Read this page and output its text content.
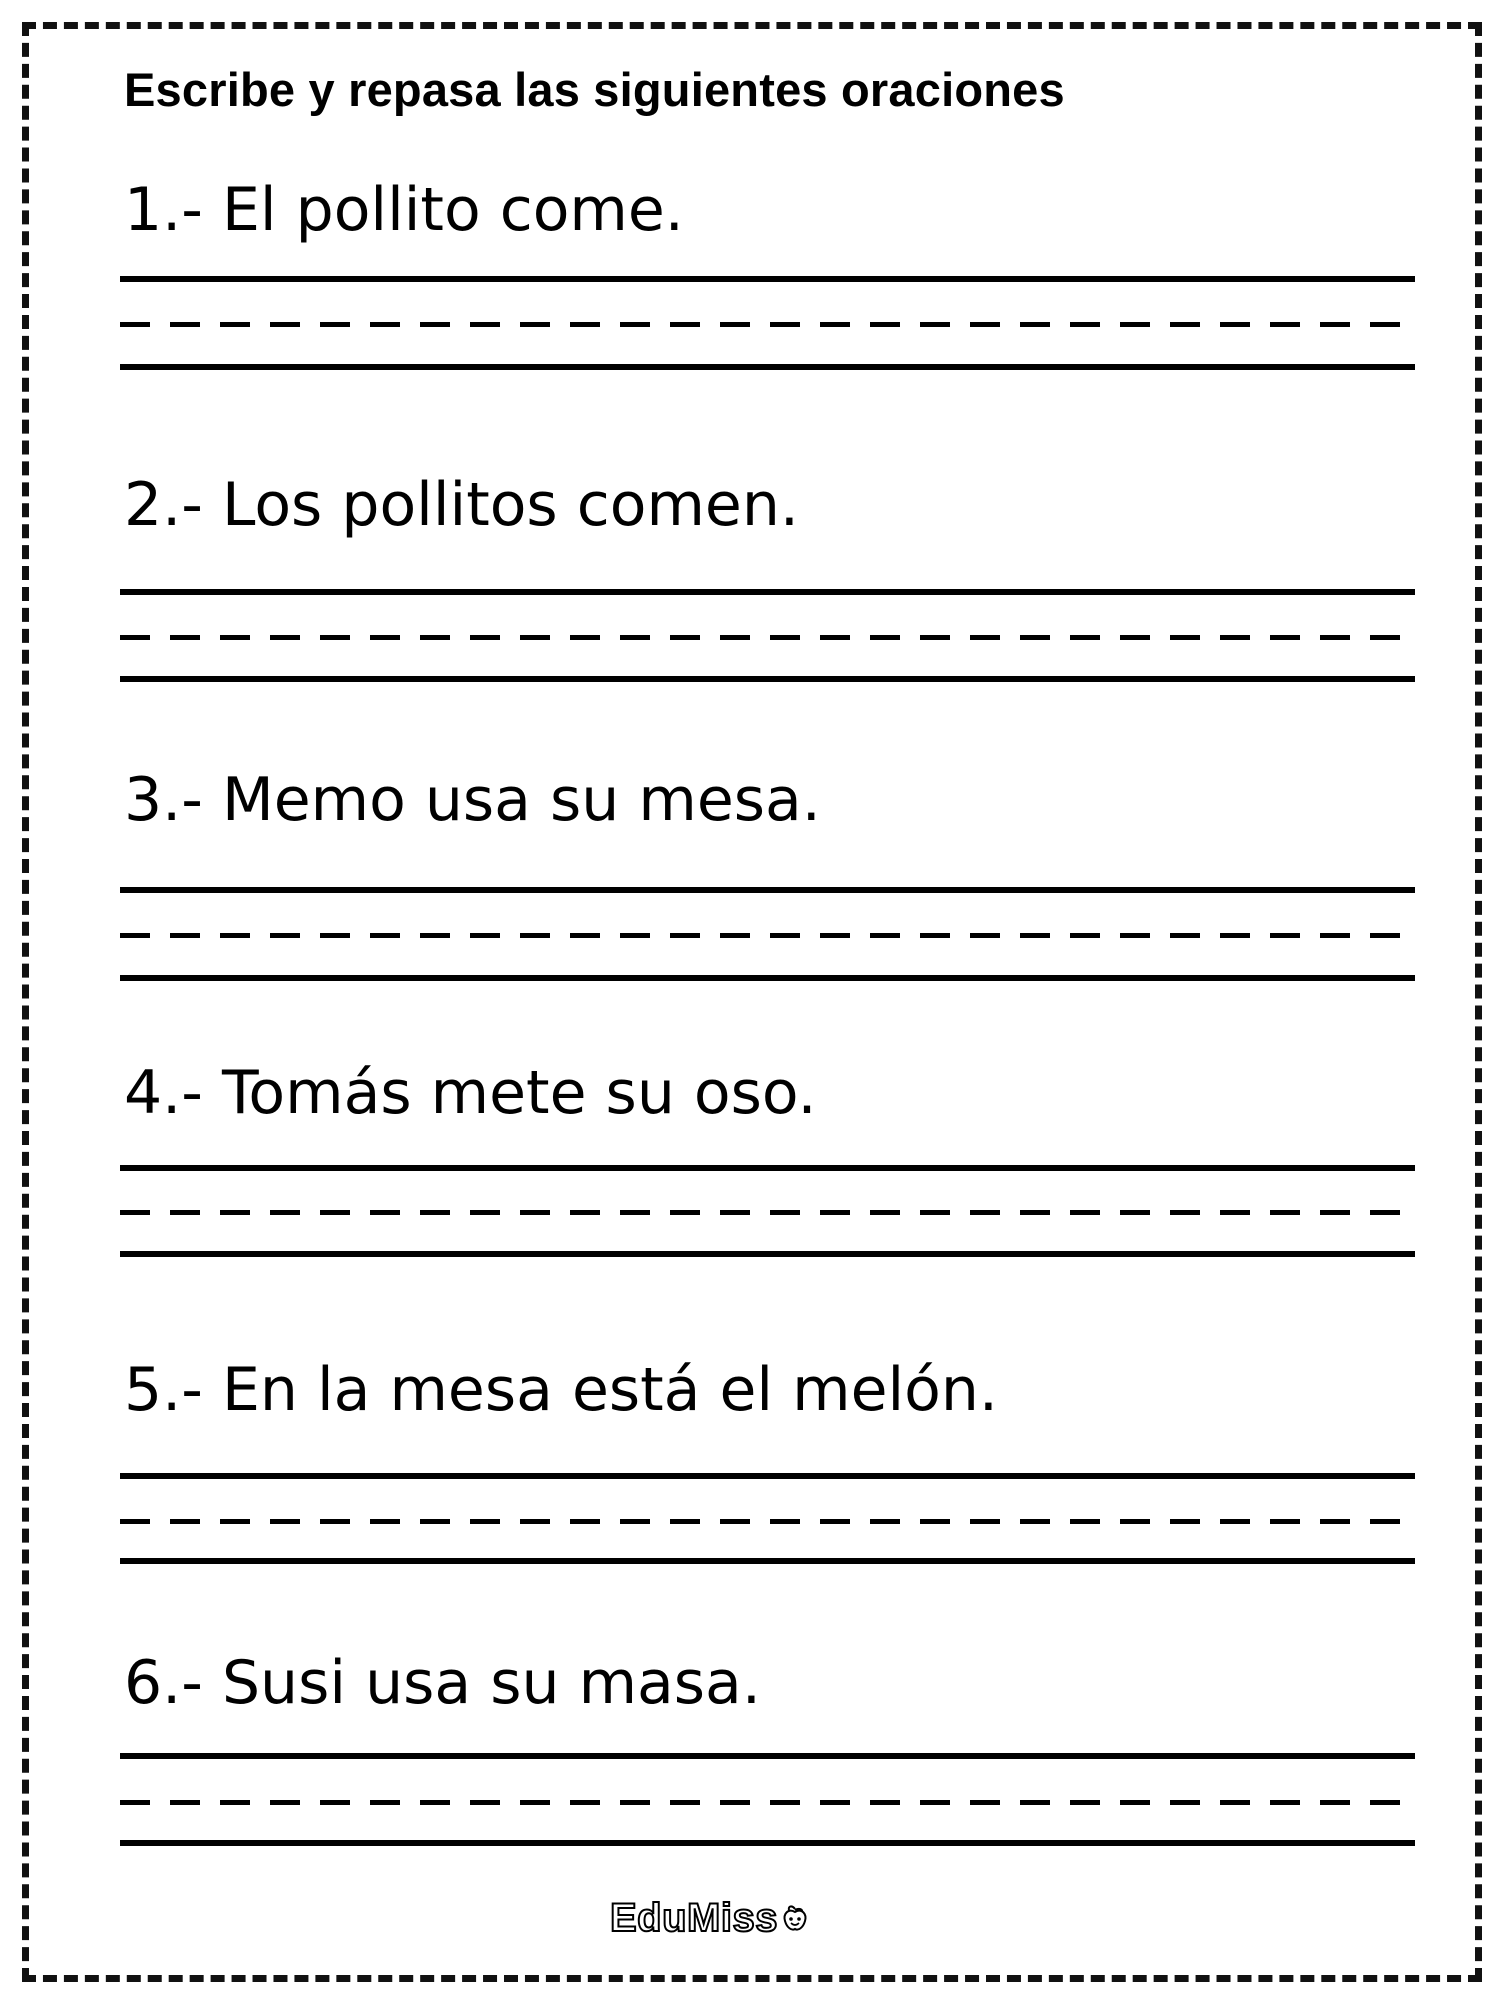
Escribe y repasa las siguientes oraciones
1.- El pollito come.
2.- Los pollitos comen.
3.- Memo usa su mesa.
4.- Tomás mete su oso.
5.- En la mesa está el melón.
6.- Susi usa su masa.
EduMiss
